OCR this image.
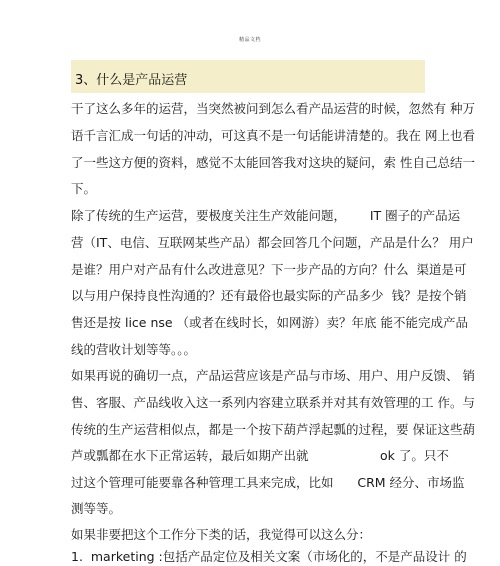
精品文档
3、什么是产品运营
干了这么多年的运营，当突然被问到怎么看产品运营的时候，忽然有 种万
语千言汇成一句话的冲动，可这真不是一句话能讲清楚的。我在 网上也看
了一些这方便的资料，感觉不太能回答我对这块的疑问，索 性自己总结一
下。
除了传统的生产运营，要极度关注生产效能问题，      IT 圈子的产品运
营（IT、电信、互联网某些产品）都会回答几个问题，产品是什么？ 用户
是谁？用户对产品有什么改进意见？下一步产品的方向？什么  渠道是可
以与用户保持良性沟通的？还有最俗也最实际的产品多少  钱？是按个销
售还是按 lice nse （或者在线时长，如网游）卖？年底 能不能完成产品
线的营收计划等等。。。
如果再说的确切一点，产品运营应该是产品与市场、用户、用户反馈、 销
售、客服、产品线收入这一系列内容建立联系并对其有效管理的工 作。与
传统的生产运营相似点，都是一个按下葫芦浮起瓢的过程，要 保证这些葫
芦或瓢都在水下正常运转，最后如期产出就                  ok 了。只不
过这个管理可能要靠各种管理工具来完成，比如      CRM 经分、市场监
测等等。
如果非要把这个工作分下类的话，我觉得可以这么分：
1.  marketing :包括产品定位及相关文案（市场化的，不是产品设计 的
